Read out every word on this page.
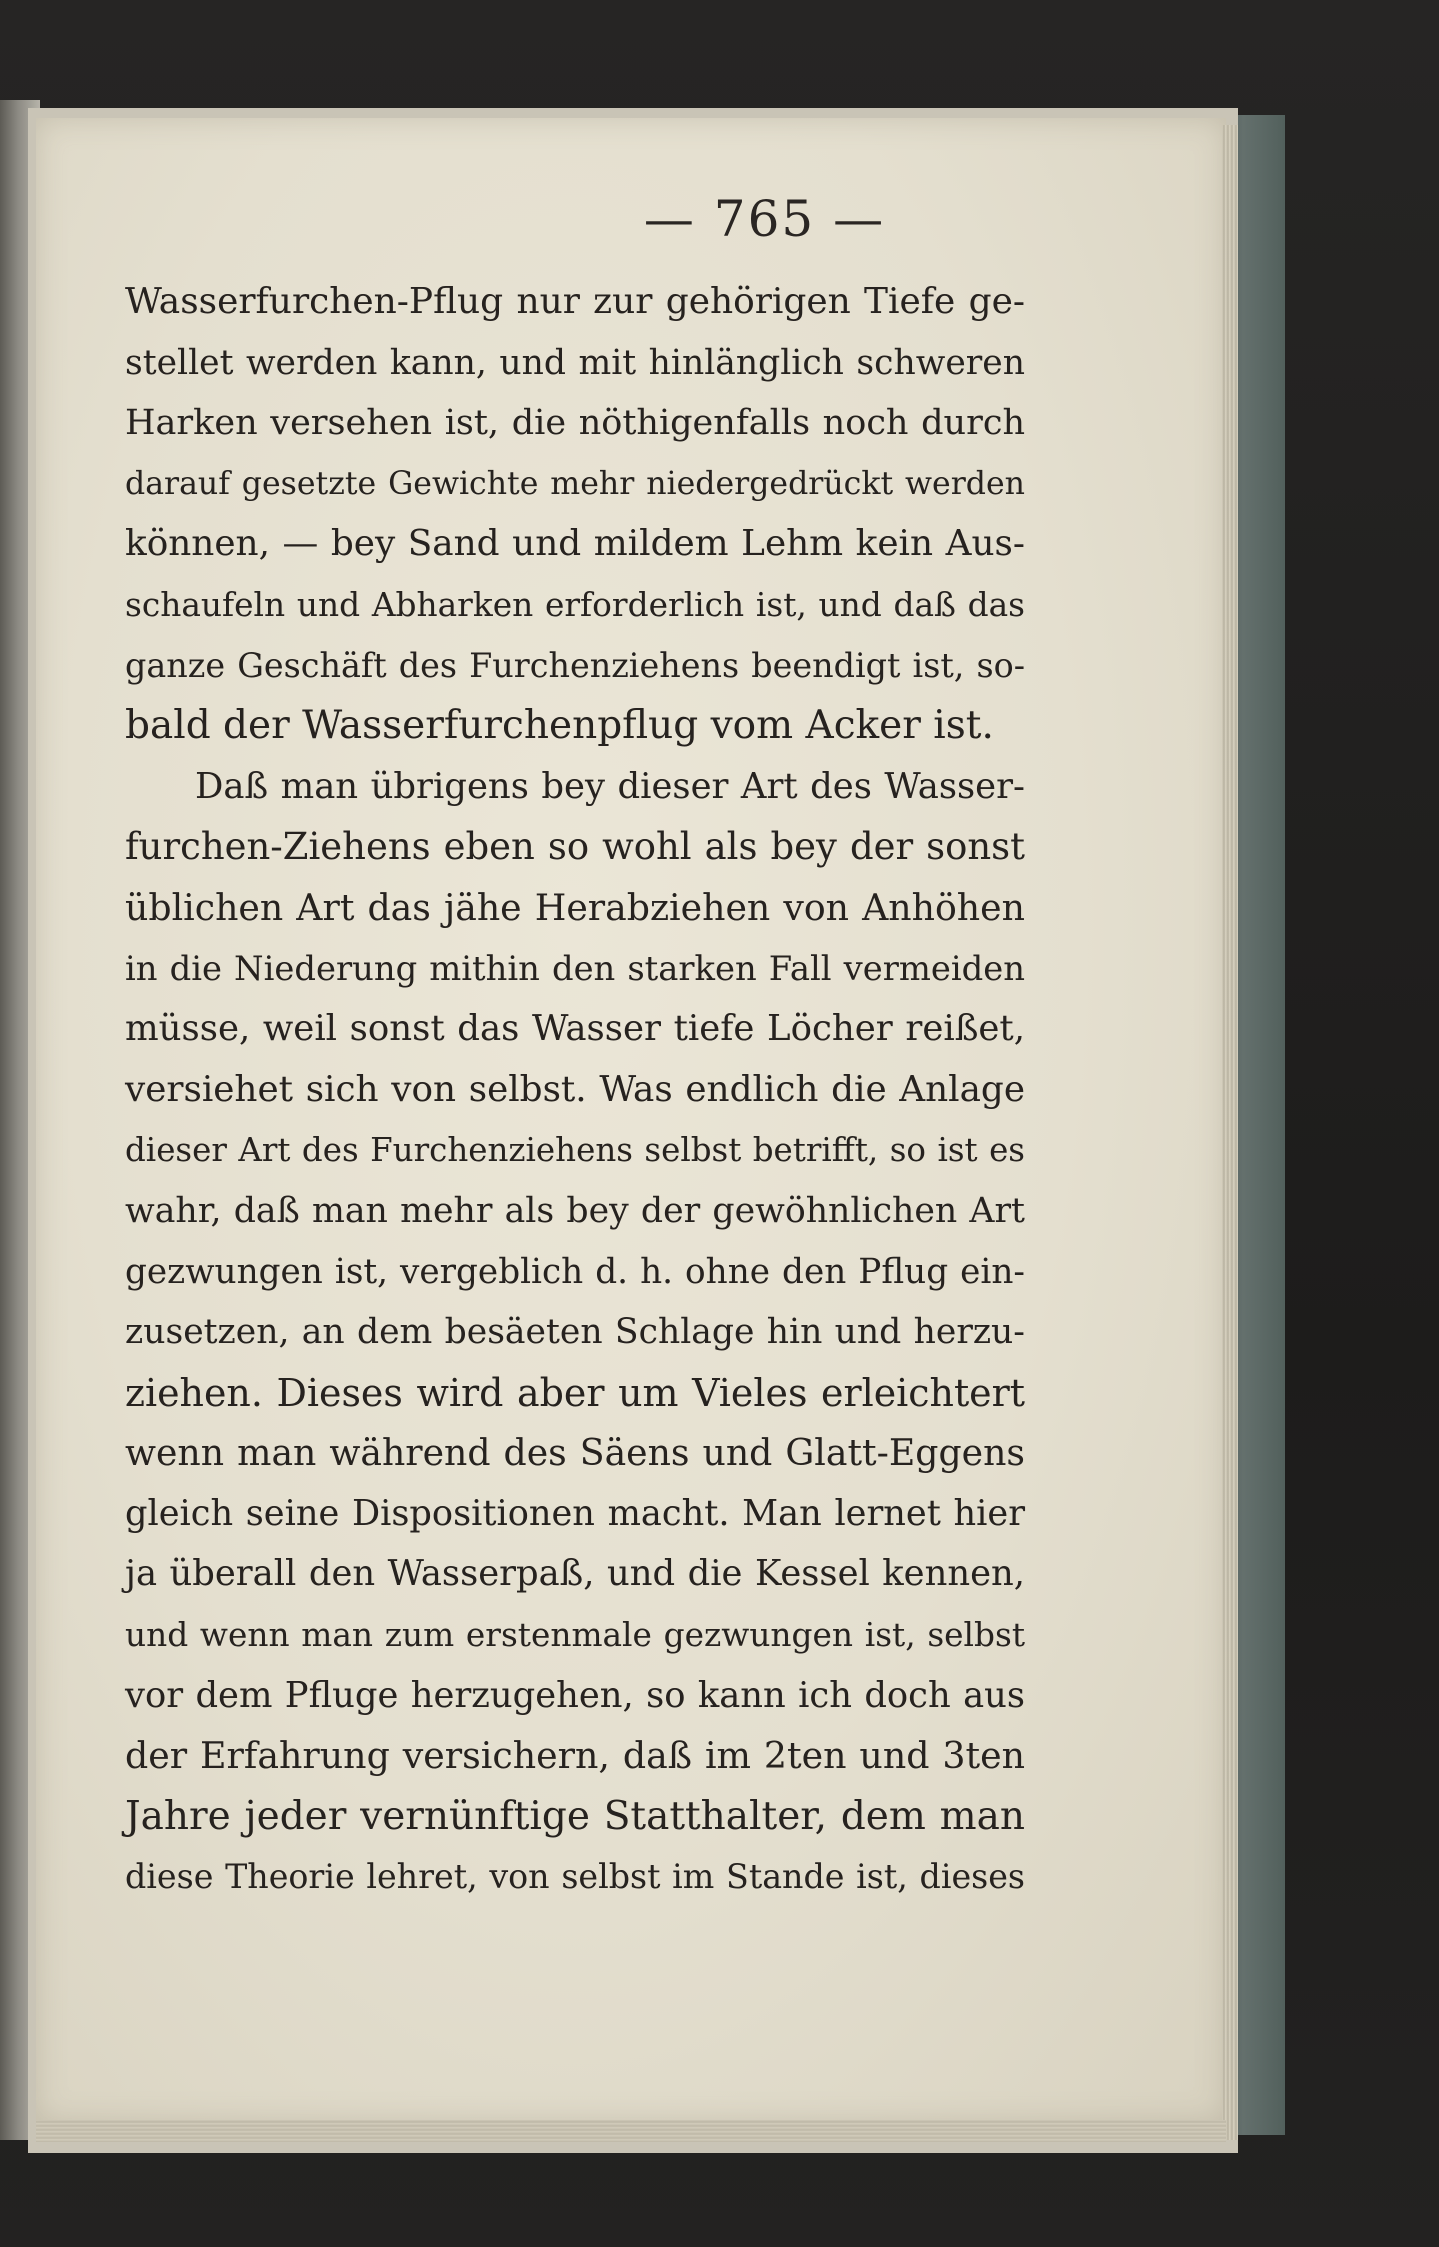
— 765 —
Wasserfurchen-Pflug nur zur gehörigen Tiefe ge-
stellet werden kann, und mit hinlänglich schweren
Harken versehen ist, die nöthigenfalls noch durch
darauf gesetzte Gewichte mehr niedergedrückt werden
können, — bey Sand und mildem Lehm kein Aus-
schaufeln und Abharken erforderlich ist, und daß das
ganze Geschäft des Furchenziehens beendigt ist, so-
bald der Wasserfurchenpflug vom Acker ist.
Daß man übrigens bey dieser Art des Wasser-
furchen-Ziehens eben so wohl als bey der sonst
üblichen Art das jähe Herabziehen von Anhöhen
in die Niederung mithin den starken Fall vermeiden
müsse, weil sonst das Wasser tiefe Löcher reißet,
versiehet sich von selbst. Was endlich die Anlage
dieser Art des Furchenziehens selbst betrifft, so ist es
wahr, daß man mehr als bey der gewöhnlichen Art
gezwungen ist, vergeblich d. h. ohne den Pflug ein-
zusetzen, an dem besäeten Schlage hin und herzu-
ziehen. Dieses wird aber um Vieles erleichtert
wenn man während des Säens und Glatt-Eggens
gleich seine Dispositionen macht. Man lernet hier
ja überall den Wasserpaß, und die Kessel kennen,
und wenn man zum erstenmale gezwungen ist, selbst
vor dem Pfluge herzugehen, so kann ich doch aus
der Erfahrung versichern, daß im 2ten und 3ten
Jahre jeder vernünftige Statthalter, dem man
diese Theorie lehret, von selbst im Stande ist, dieses
